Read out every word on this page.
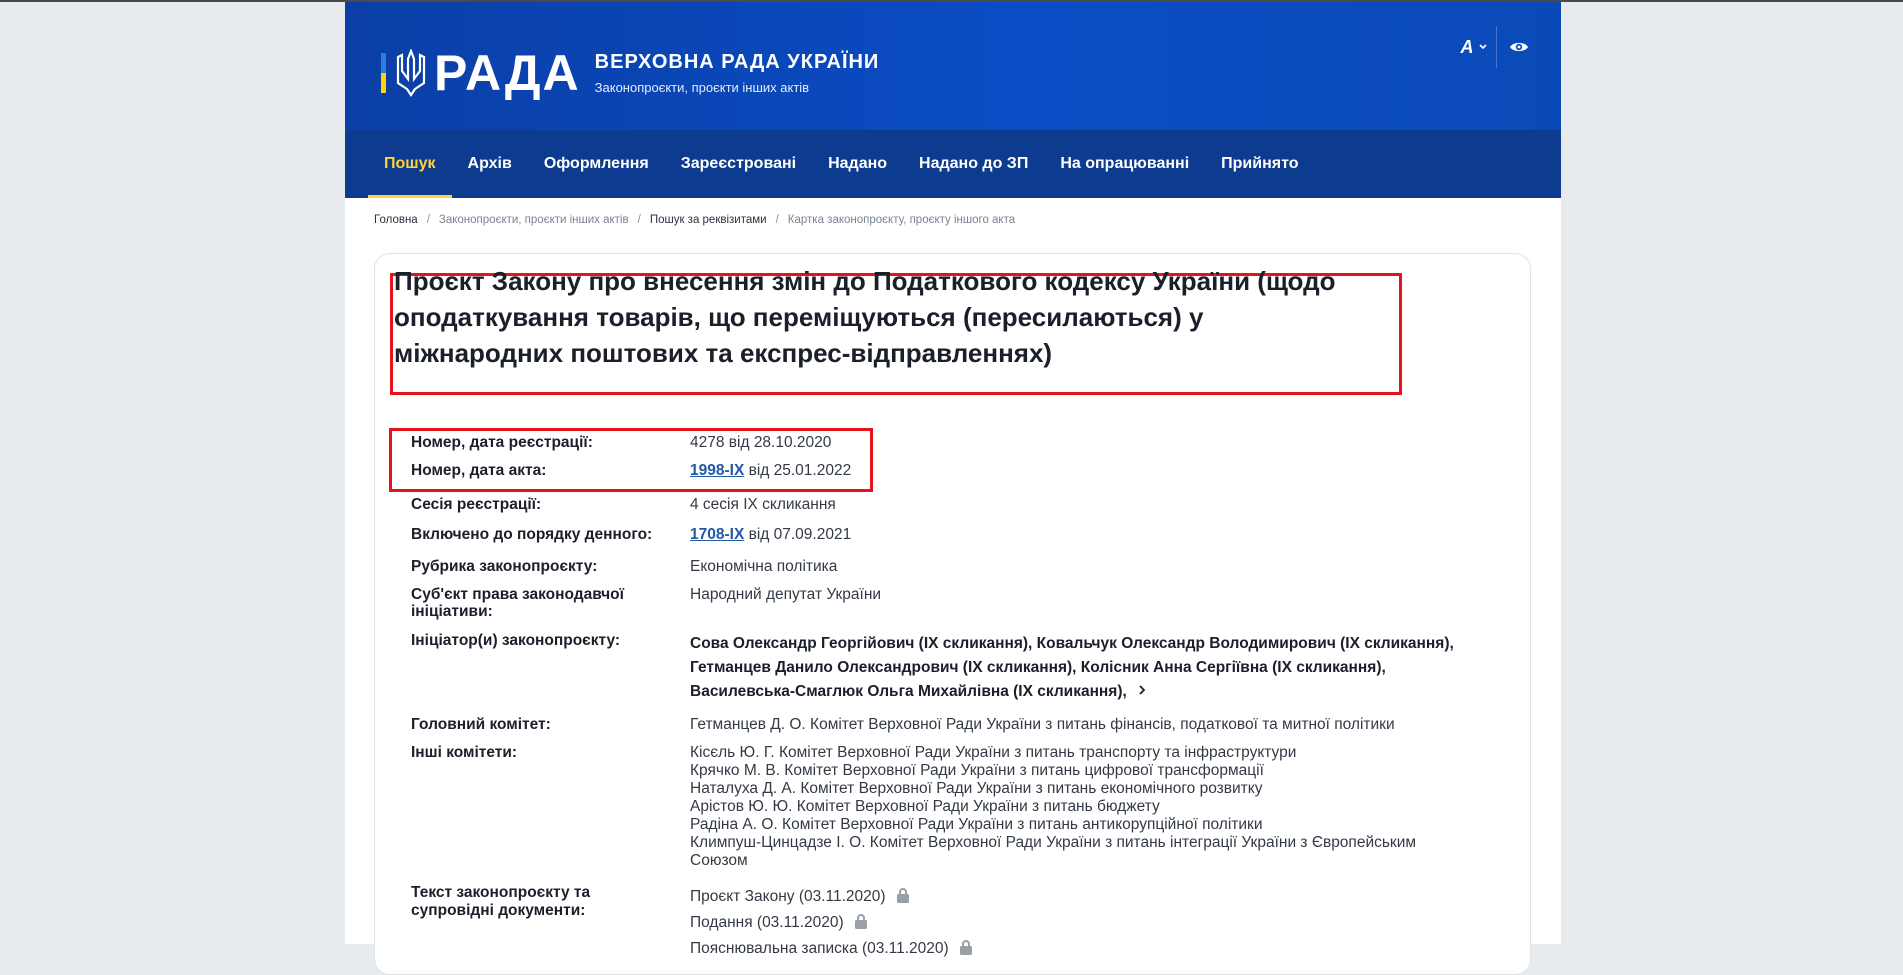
РАДА ВЕРХОВНА РАДА УКРАЇНИ
Законопроєкти, проєкти інших актів
A
Пошук	Архів	Оформлення	Зареєстровані	Надано	Надано до ЗП	На опрацюванні	Прийнято
Головна / Законопроєкти, проєкти інших актів / Пошук за реквізитами / Картка законопроєкту, проєкту іншого акта
Проєкт Закону про внесення змін до Податкового кодексу України (щодо оподаткування товарів, що переміщуються (пересилаються) у міжнародних поштових та експрес-відправленнях)
Номер, дата реєстрації:	4278 від 28.10.2020
Номер, дата акта:	1998-IX від 25.01.2022
Сесія реєстрації:	4 сесія IX скликання
Включено до порядку денного:	1708-IX від 07.09.2021
Рубрика законопроєкту:	Економічна політика
Суб'єкт права законодавчої ініціативи:
Народний депутат України
Ініціатор(и) законопроєкту:	Сова Олександр Георгійович (IX скликання), Ковальчук Олександр Володимирович (IX скликання),
Гетманцев Данило Олександрович (IX скликання), Колісник Анна Сергіївна (IX скликання),
Василевська-Смаглюк Ольга Михайлівна (IX скликання),
Головний комітет:	Гетманцев Д. О. Комітет Верховної Ради України з питань фінансів, податкової та митної політики
Інші комітети:	Кісєль Ю. Г. Комітет Верховної Ради України з питань транспорту та інфраструктури
Крячко М. В. Комітет Верховної Ради України з питань цифрової трансформації
Наталуха Д. А. Комітет Верховної Ради України з питань економічного розвитку
Арістов Ю. Ю. Комітет Верховної Ради України з питань бюджету
Радіна А. О. Комітет Верховної Ради України з питань антикорупційної політики
Климпуш-Цинцадзе І. О. Комітет Верховної Ради України з питань інтеграції України з Європейським
Союзом
Текст законопроєкту та супровідні документи:
Проєкт Закону (03.11.2020)
Подання (03.11.2020)
Пояснювальна записка (03.11.2020)
